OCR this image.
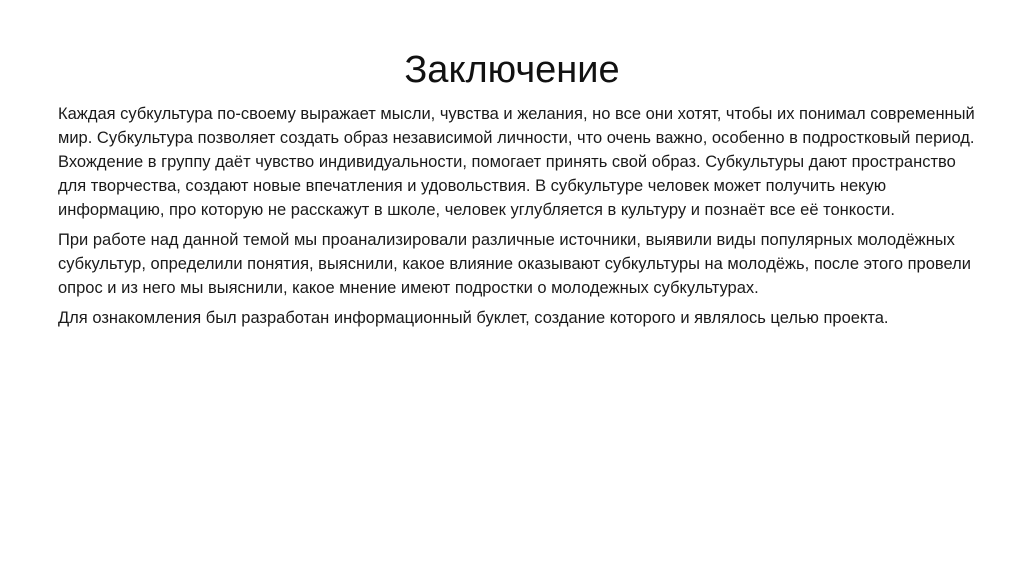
Заключение

Каждая субкультура по-своему выражает мысли, чувства и желания, но все они хотят, чтобы их понимал современный мир. Субкультура позволяет создать образ независимой личности, что очень важно, особенно в подростковый период. Вхождение в группу даёт чувство индивидуальности, помогает принять свой образ. Субкультуры дают пространство для творчества, создают новые впечатления и удовольствия. В субкультуре человек может получить некую информацию, про которую не расскажут в школе, человек углубляется в культуру и познаёт все её тонкости.

При работе над данной темой мы проанализировали различные источники, выявили виды популярных молодёжных субкультур, определили понятия, выяснили, какое влияние оказывают субкультуры на молодёжь, после этого провели опрос и из него мы выяснили, какое мнение имеют подростки о молодежных субкультурах.

Для ознакомления был разработан информационный буклет, создание которого и являлось целью проекта.
